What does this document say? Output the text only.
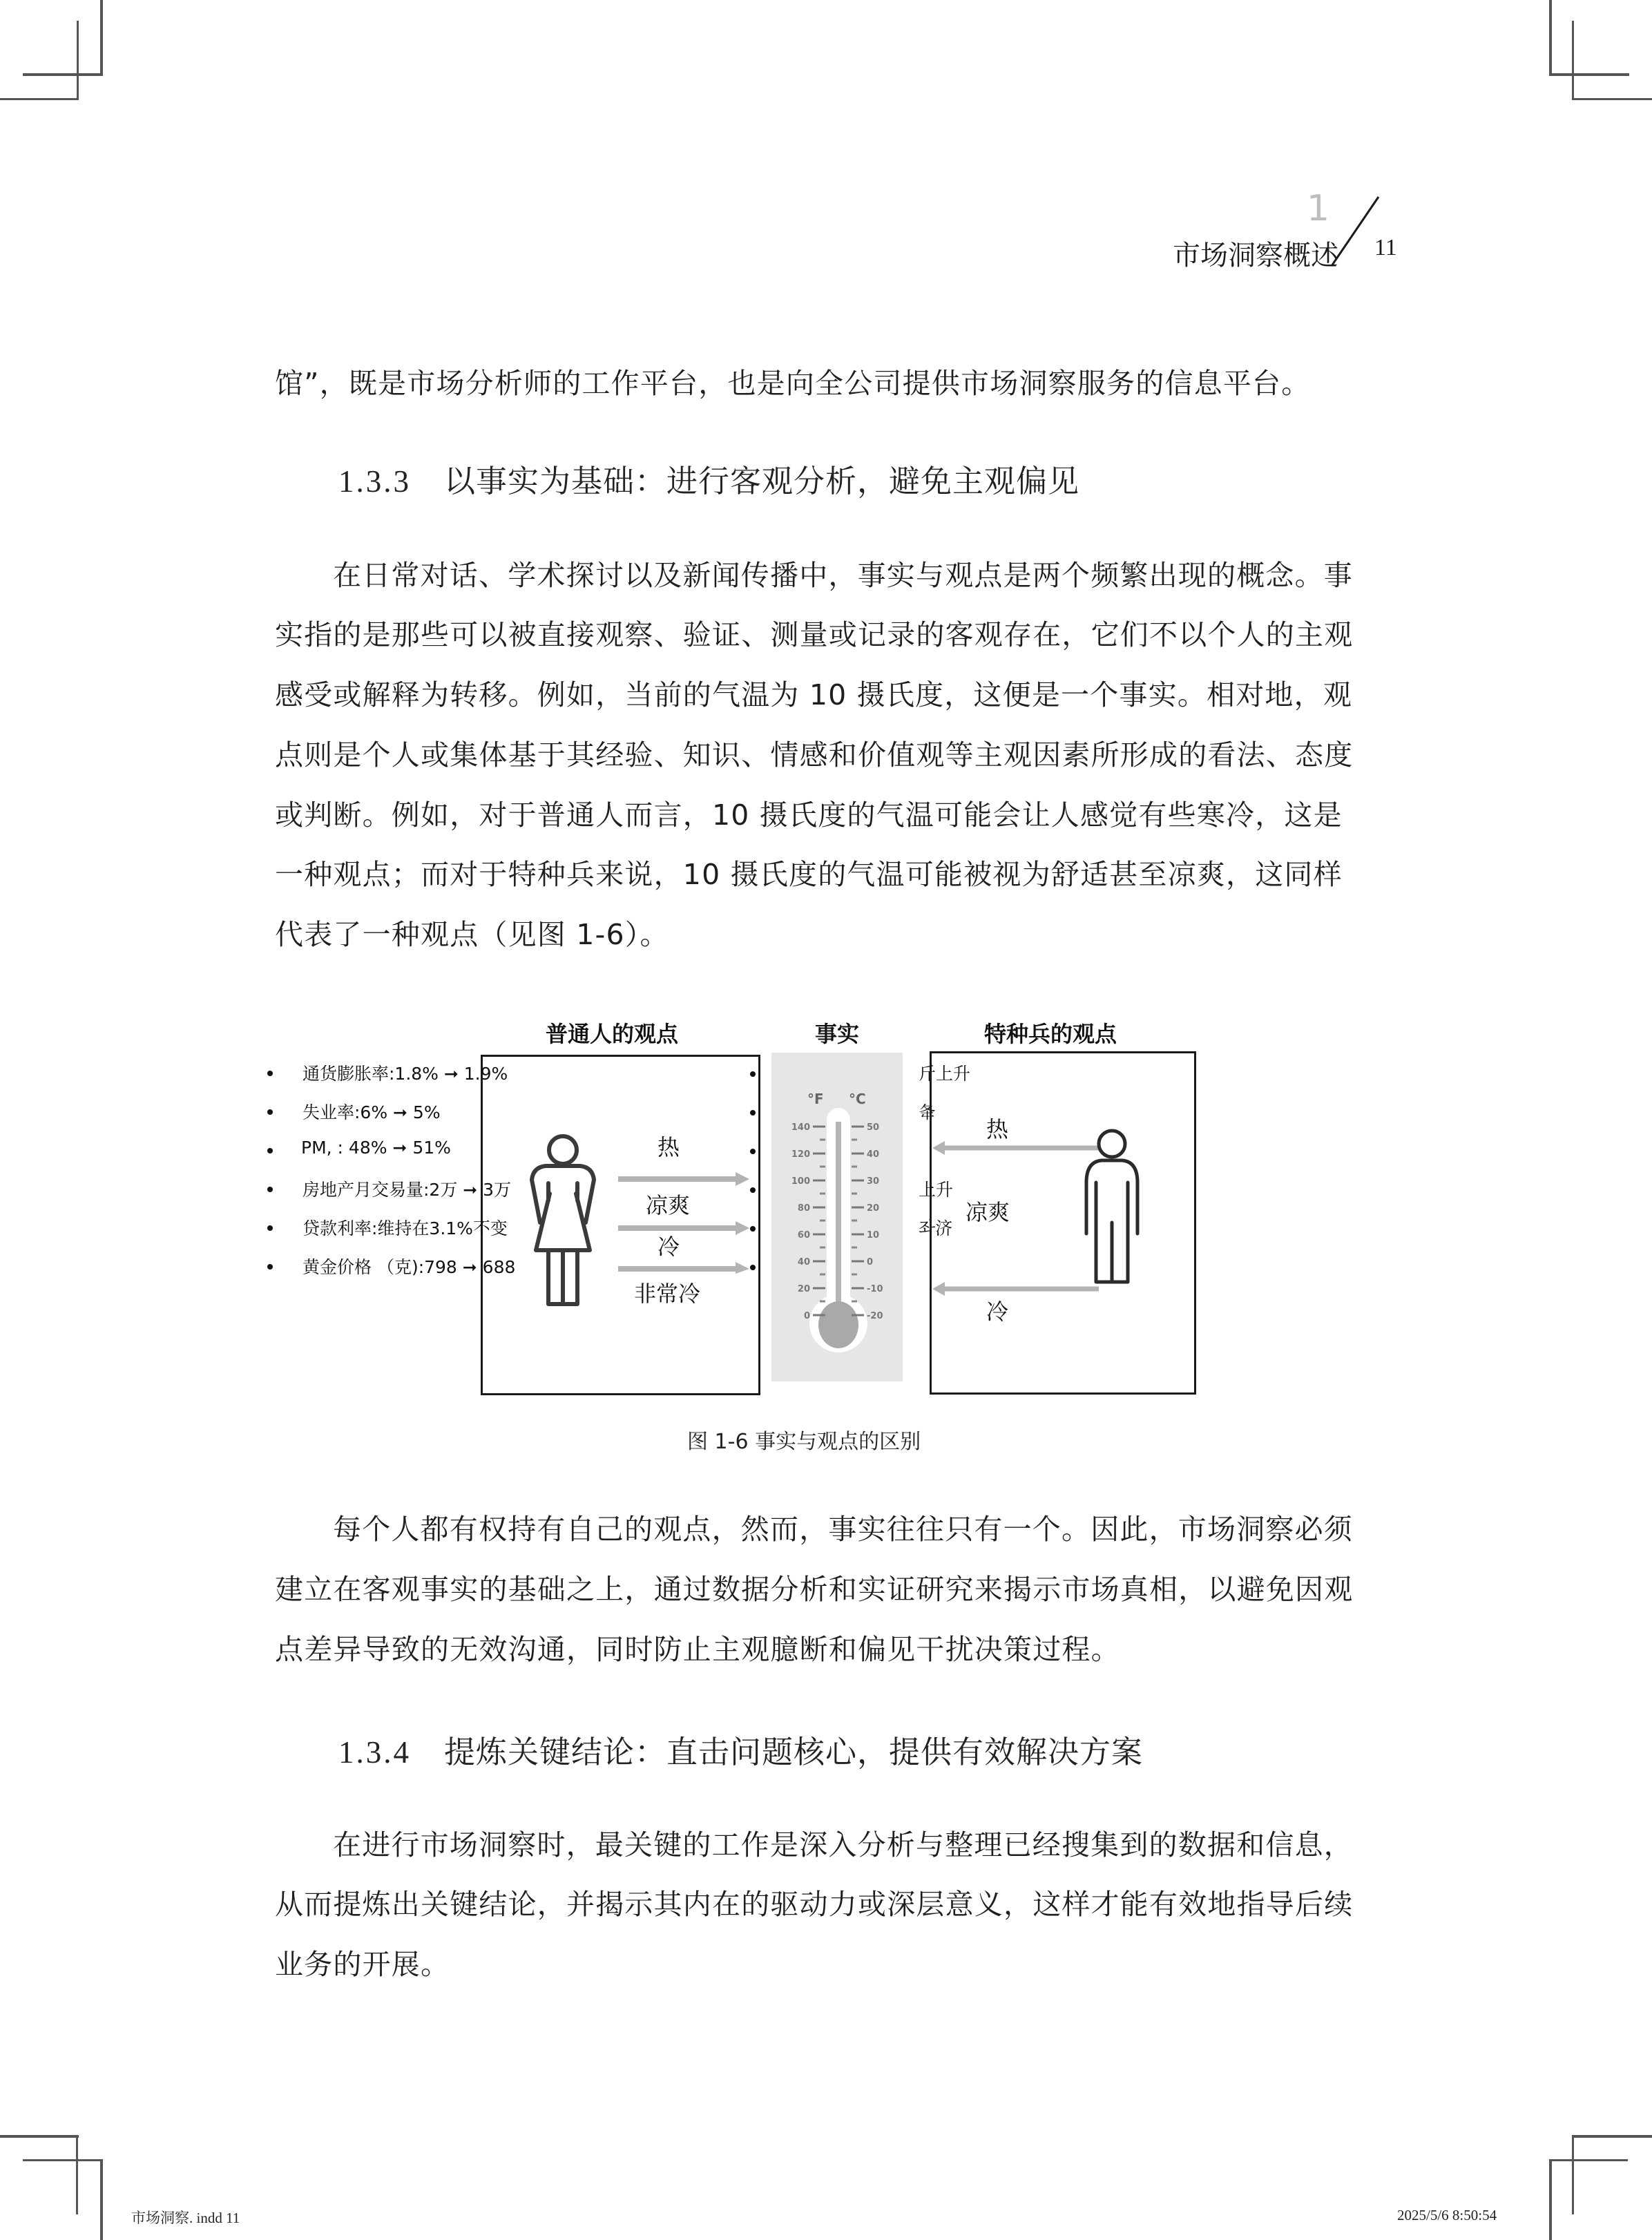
1
市场洞察概述 11
馆”，既是市场分析师的工作平台，也是向全公司提供市场洞察服务的信息平台。
1.3.3 以事实为基础：进行客观分析，避免主观偏见
在日常对话、学术探讨以及新闻传播中，事实与观点是两个频繁出现的概念。事
实指的是那些可以被直接观察、验证、测量或记录的客观存在，它们不以个人的主观
感受或解释为转移。例如，当前的气温为 10 摄氏度，这便是一个事实。相对地，观
点则是个人或集体基于其经验、知识、情感和价值观等主观因素所形成的看法、态度
或判断。例如，对于普通人而言，10 摄氏度的气温可能会让人感觉有些寒冷，这是
一种观点；而对于特种兵来说，10 摄氏度的气温可能被视为舒适甚至凉爽，这同样
代表了一种观点（见图 1-6）。
普通人的观点	事实	特种兵的观点
热
凉爽
冷
非常冷
°F °C
140	50
120	40
100	30
80	20
60	10
40	0
20	-10
0	-20
通货膨胀率:1.8% ➞ 1.9%
失业率:6% ➞ 5%
PM, : 48% ➞ 51%
房地产月交易量:2万 ➞ 3万
贷款利率:维持在3.1%不变
黄金价格 （克):798 ➞ 688
斤上升
夅
上升
좌济
热
凉爽
冷
图 1-6 事实与观点的区别
每个人都有权持有自己的观点，然而，事实往往只有一个。因此，市场洞察必须
建立在客观事实的基础之上，通过数据分析和实证研究来揭示市场真相，以避免因观
点差异导致的无效沟通，同时防止主观臆断和偏见干扰决策过程。
1.3.4 提炼关键结论：直击问题核心，提供有效解决方案
在进行市场洞察时，最关键的工作是深入分析与整理已经搜集到的数据和信息，
从而提炼出关键结论，并揭示其内在的驱动力或深层意义，这样才能有效地指导后续
业务的开展。
市场洞察. indd 11	2025/5/6 8:50:54
